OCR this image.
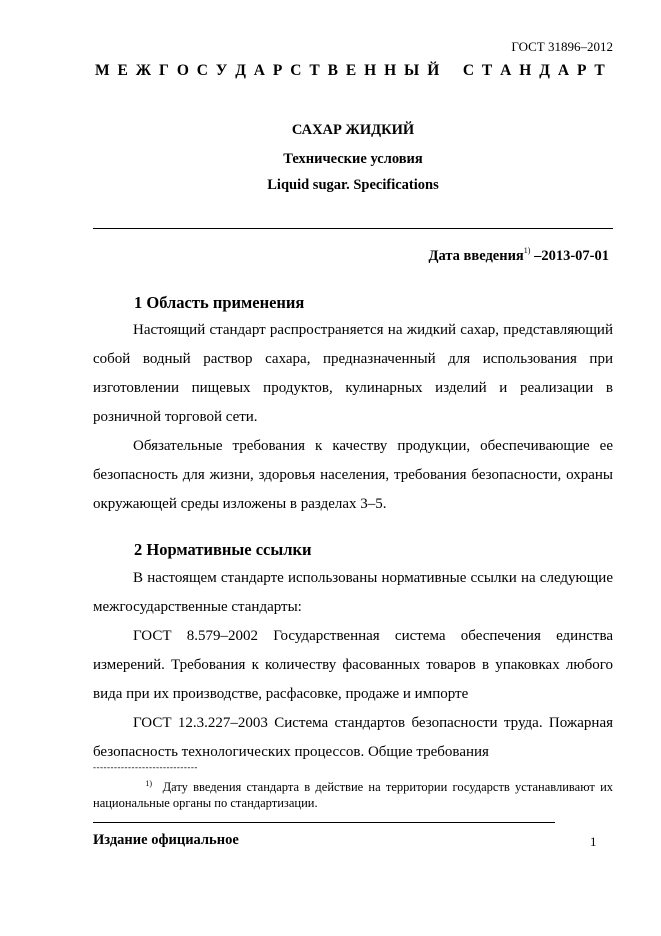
ГОСТ 31896–2012
М Е Ж Г О С У Д А Р С Т В Е Н Н Ы Й
С Т А Н Д А Р Т
САХАР ЖИДКИЙ
Технические условия
Liquid sugar. Specifications
Дата введения$^{1)}$ –2013-07-01
1 Область применения

Настоящий стандарт распространяется на жидкий сахар, представляющий собой водный раствор сахара, предназначенный для использования при изготовлении пищевых продуктов, кулинарных изделий и реализации в розничной торговой сети.

Обязательные требования к качеству продукции, обеспечивающие ее безопасность для жизни, здоровья населения, требования безопасности, охраны окружающей среды изложены в разделах 3–5.

2 Нормативные ссылки

В настоящем стандарте использованы нормативные ссылки на следующие межгосударственные стандарты:

ГОСТ 8.579–2002 Государственная система обеспечения единства измерений. Требования к количеству фасованных товаров в упаковках любого вида при их производстве, расфасовке, продаже и импорте

ГОСТ 12.3.227–2003 Система стандартов безопасности труда. Пожарная безопасность технологических процессов. Общие требования

------------------------------
$^{1)}$ Дату введения стандарта в действие на территории государств устанавливают их национальные органы по стандартизации.
Издание официальное	1
